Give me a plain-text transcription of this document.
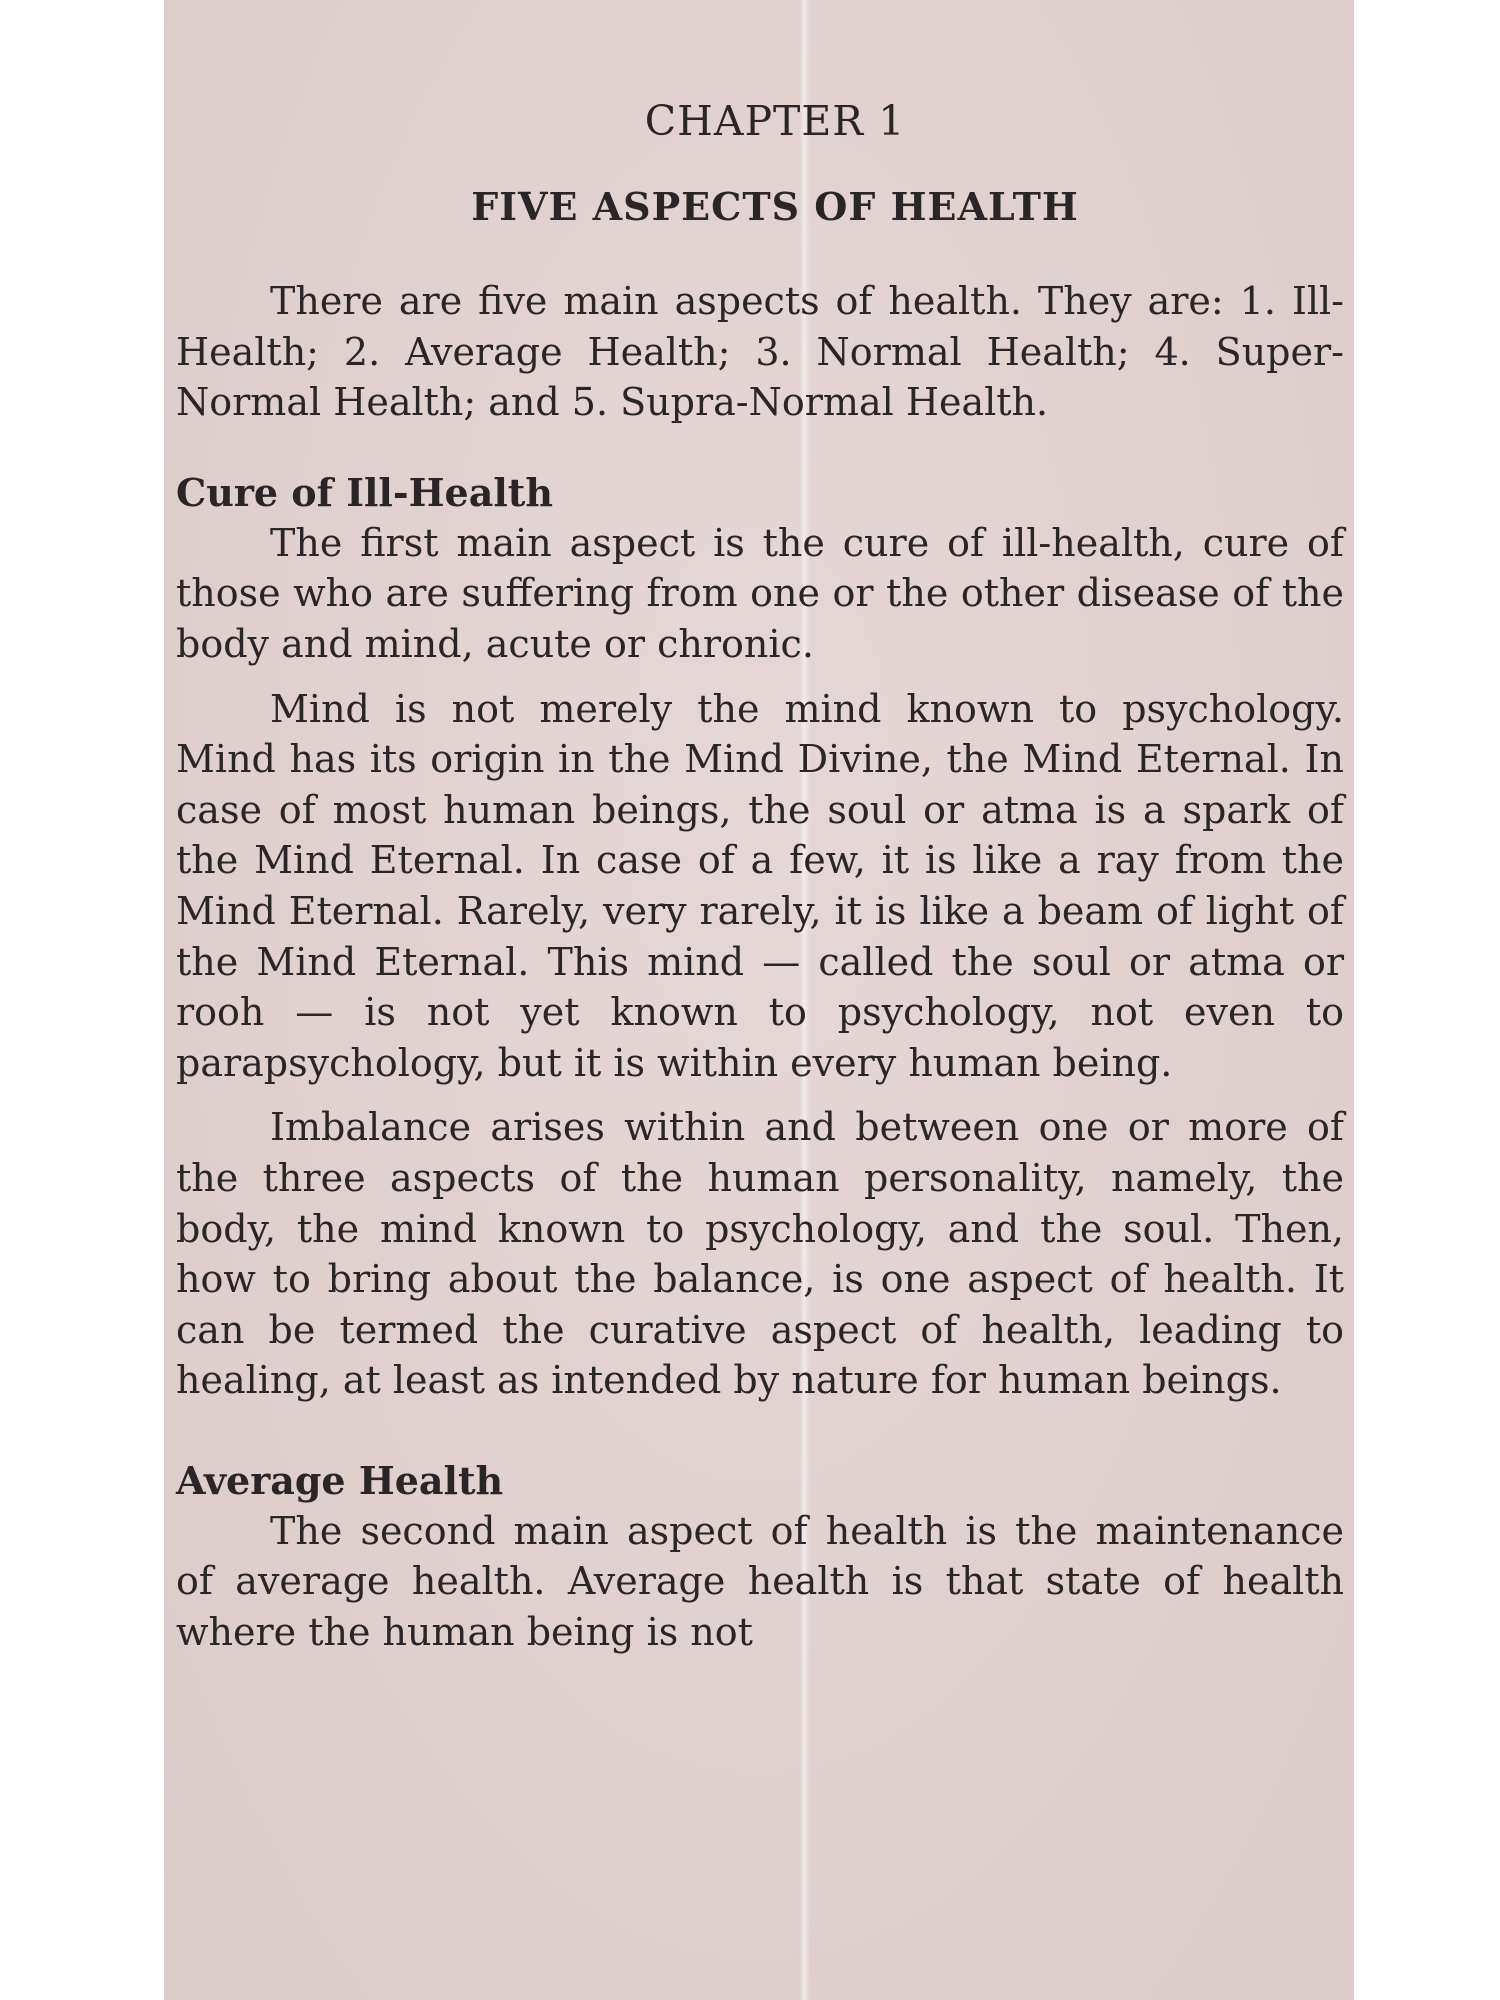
CHAPTER 1
FIVE ASPECTS OF HEALTH

There are five main aspects of health. They are: 1. Ill-Health; 2. Average Health; 3. Normal Health; 4. Super-Normal Health; and 5. Supra-Normal Health.

Cure of Ill-Health

The first main aspect is the cure of ill-health, cure of those who are suffering from one or the other disease of the body and mind, acute or chronic.

Mind is not merely the mind known to psychology. Mind has its origin in the Mind Divine, the Mind Eternal. In case of most human beings, the soul or atma is a spark of the Mind Eternal. In case of a few, it is like a ray from the Mind Eternal. Rarely, very rarely, it is like a beam of light of the Mind Eternal. This mind — called the soul or atma or rooh — is not yet known to psychology, not even to parapsychology, but it is within every human being.

Imbalance arises within and between one or more of the three aspects of the human personality, namely, the body, the mind known to psychology, and the soul. Then, how to bring about the balance, is one aspect of health. It can be termed the curative aspect of health, leading to healing, at least as intended by nature for human beings.

Average Health

The second main aspect of health is the maintenance of average health. Average health is that state of health where the human being is not
